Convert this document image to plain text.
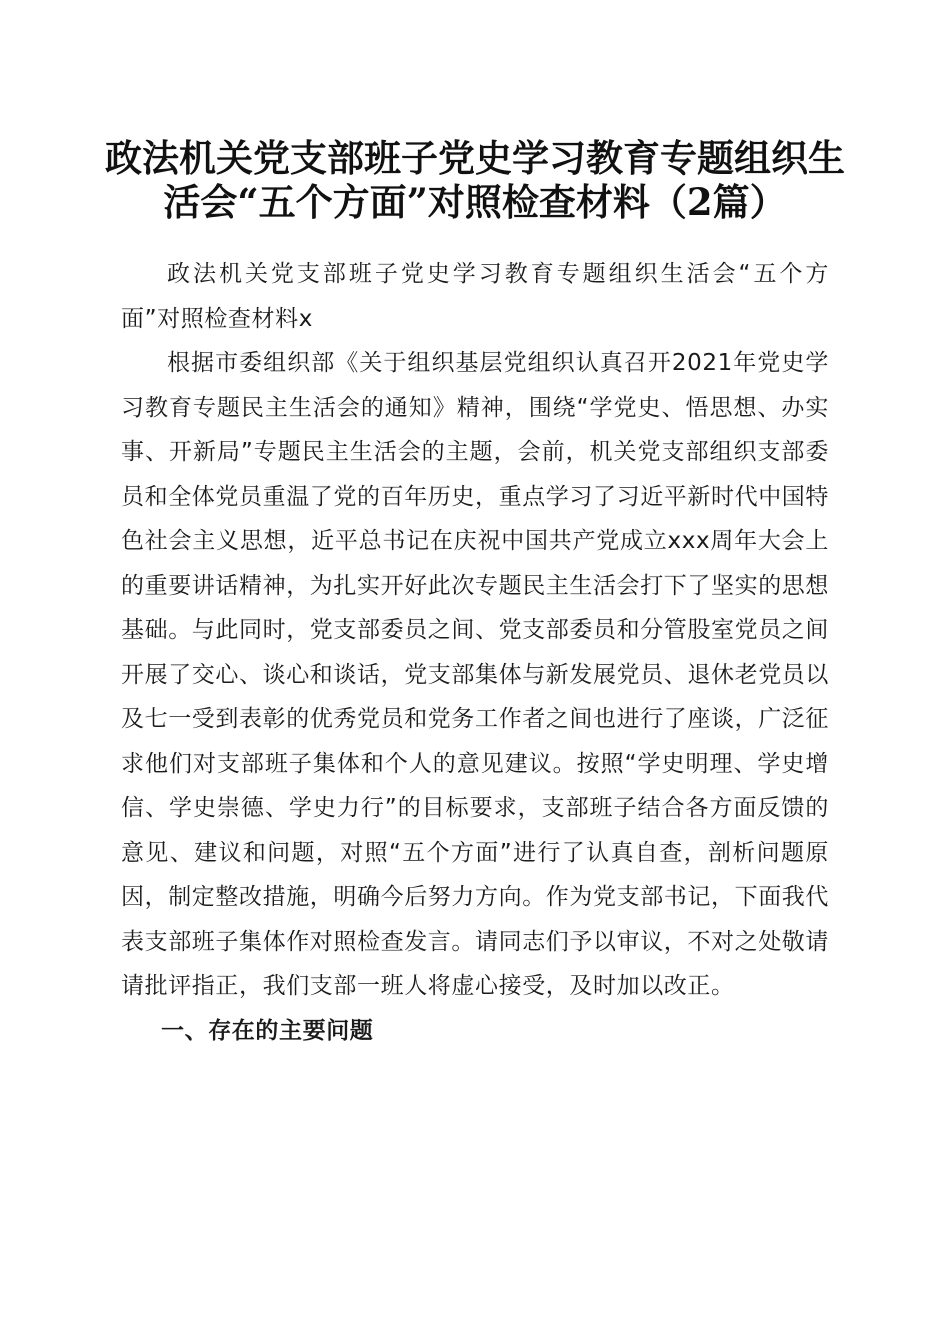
政法机关党支部班子党史学习教育专题组织生
活会“五个方面”对照检查材料（2篇）

政法机关党支部班子党史学习教育专题组织生活会“五个方面”对照检查材料x

根据市委组织部《关于组织基层党组织认真召开2021年党史学习教育专题民主生活会的通知》精神，围绕“学党史、悟思想、办实事、开新局”专题民主生活会的主题，会前，机关党支部组织支部委员和全体党员重温了党的百年历史，重点学习了习近平新时代中国特色社会主义思想，近平总书记在庆祝中国共产党成立xxx周年大会上的重要讲话精神，为扎实开好此次专题民主生活会打下了坚实的思想基础。与此同时，党支部委员之间、党支部委员和分管股室党员之间开展了交心、谈心和谈话，党支部集体与新发展党员、退休老党员以及七一受到表彰的优秀党员和党务工作者之间也进行了座谈，广泛征求他们对支部班子集体和个人的意见建议。按照“学史明理、学史增信、学史崇德、学史力行”的目标要求，支部班子结合各方面反馈的意见、建议和问题，对照“五个方面”进行了认真自查，剖析问题原因，制定整改措施，明确今后努力方向。作为党支部书记，下面我代表支部班子集体作对照检查发言。请同志们予以审议，不对之处敬请请批评指正，我们支部一班人将虚心接受，及时加以改正。

一、存在的主要问题
